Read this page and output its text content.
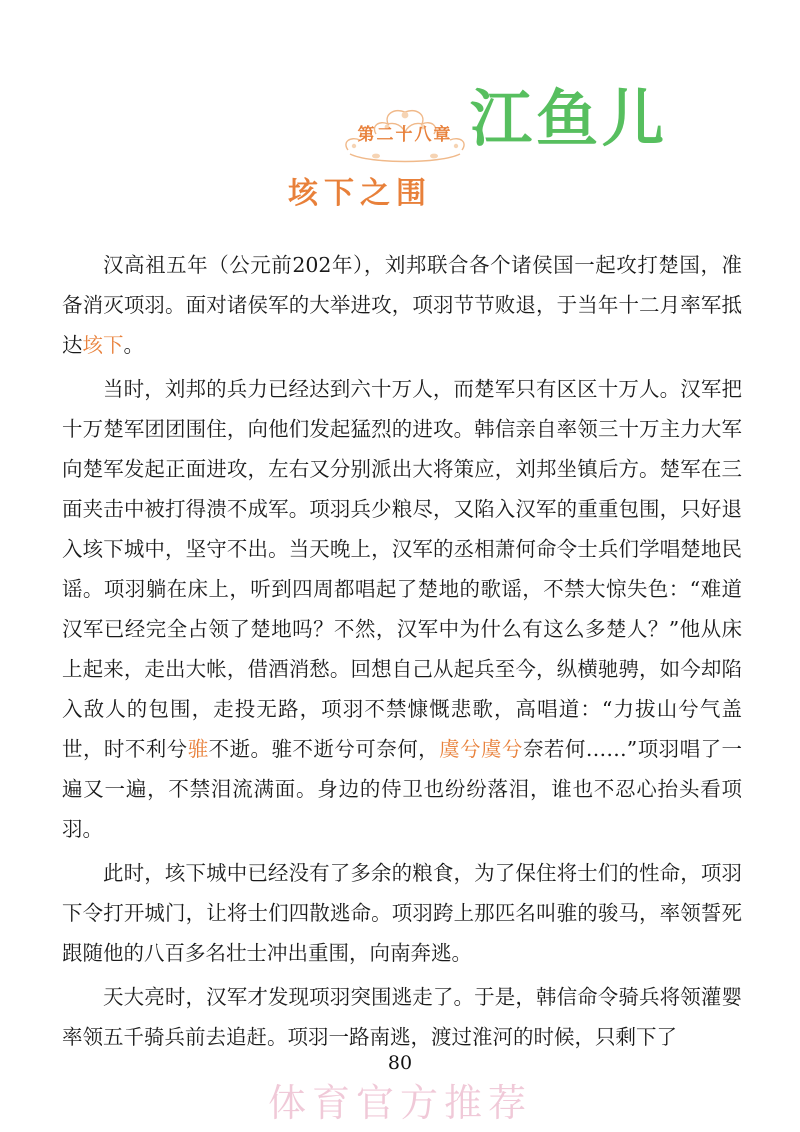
第二十八章 江鱼儿
垓下之围
汉高祖五年（公元前202年），刘邦联合各个诸侯国一起攻打楚国，准备消灭项羽。面对诸侯军的大举进攻，项羽节节败退，于当年十二月率军抵达垓下。
当时，刘邦的兵力已经达到六十万人，而楚军只有区区十万人。汉军把十万楚军团团围住，向他们发起猛烈的进攻。韩信亲自率领三十万主力大军向楚军发起正面进攻，左右又分别派出大将策应，刘邦坐镇后方。楚军在三面夹击中被打得溃不成军。项羽兵少粮尽，又陷入汉军的重重包围，只好退入垓下城中，坚守不出。当天晚上，汉军的丞相萧何命令士兵们学唱楚地民谣。项羽躺在床上，听到四周都唱起了楚地的歌谣，不禁大惊失色：“难道汉军已经完全占领了楚地吗？不然，汉军中为什么有这么多楚人？”他从床上起来，走出大帐，借酒消愁。回想自己从起兵至今，纵横驰骋，如今却陷入敌人的包围，走投无路，项羽不禁慷慨悲歌，高唱道：“力拔山兮气盖世，时不利兮骓不逝。骓不逝兮可奈何，虞兮虞兮奈若何……”项羽唱了一遍又一遍，不禁泪流满面。身边的侍卫也纷纷落泪，谁也不忍心抬头看项羽。
此时，垓下城中已经没有了多余的粮食，为了保住将士们的性命，项羽下令打开城门，让将士们四散逃命。项羽跨上那匹名叫骓的骏马，率领誓死跟随他的八百多名壮士冲出重围，向南奔逃。
天大亮时，汉军才发现项羽突围逃走了。于是，韩信命令骑兵将领灌婴率领五千骑兵前去追赶。项羽一路南逃，渡过淮河的时候，只剩下了
80
体育官方推荐
